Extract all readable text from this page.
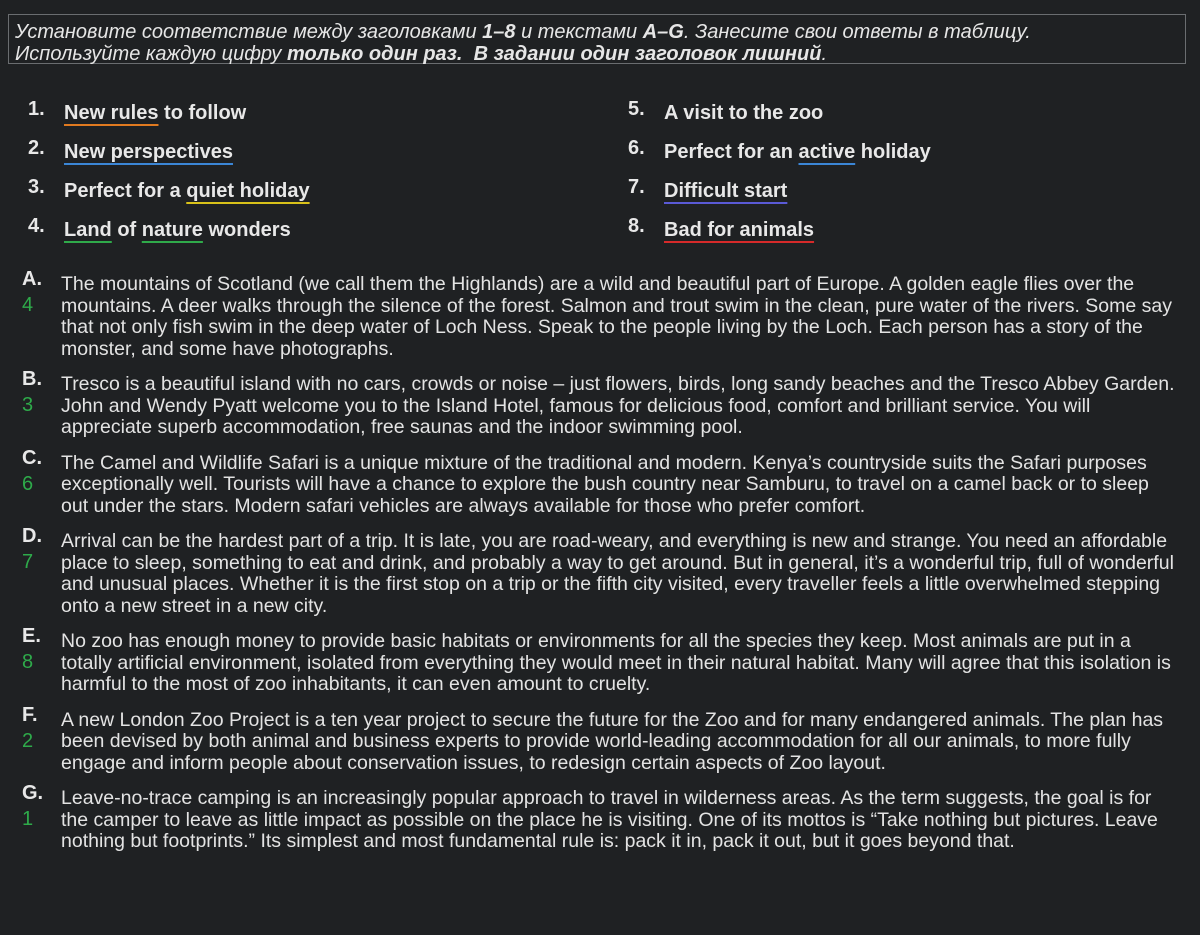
Установите соответствие между заголовками 1–8 и текстами A–G. Занесите свои ответы в таблицу.
Используйте каждую цифру только один раз. В задании один заголовок лишний.
1. New rules to follow
2. New perspectives
3. Perfect for a quiet holiday
4. Land of nature wonders
5. A visit to the zoo
6. Perfect for an active holiday
7. Difficult start
8. Bad for animals
A.
4
The mountains of Scotland (we call them the Highlands) are a wild and beautiful part of Europe. A golden eagle flies over the mountains. A deer walks through the silence of the forest. Salmon and trout swim in the clean, pure water of the rivers. Some say that not only fish swim in the deep water of Loch Ness. Speak to the people living by the Loch. Each person has a story of the monster, and some have photographs.
B.
3
Tresco is a beautiful island with no cars, crowds or noise – just flowers, birds, long sandy beaches and the Tresco Abbey Garden. John and Wendy Pyatt welcome you to the Island Hotel, famous for delicious food, comfort and brilliant service. You will appreciate superb accommodation, free saunas and the indoor swimming pool.
C.
6
The Camel and Wildlife Safari is a unique mixture of the traditional and modern. Kenya’s countryside suits the Safari purposes exceptionally well. Tourists will have a chance to explore the bush country near Samburu, to travel on a camel back or to sleep out under the stars. Modern safari vehicles are always available for those who prefer comfort.
D.
7
Arrival can be the hardest part of a trip. It is late, you are road-weary, and everything is new and strange. You need an affordable place to sleep, something to eat and drink, and probably a way to get around. But in general, it’s a wonderful trip, full of wonderful and unusual places. Whether it is the first stop on a trip or the fifth city visited, every traveller feels a little overwhelmed stepping onto a new street in a new city.
E.
8
No zoo has enough money to provide basic habitats or environments for all the species they keep. Most animals are put in a totally artificial environment, isolated from everything they would meet in their natural habitat. Many will agree that this isolation is harmful to the most of zoo inhabitants, it can even amount to cruelty.
F.
2
A new London Zoo Project is a ten year project to secure the future for the Zoo and for many endangered animals. The plan has been devised by both animal and business experts to provide world-leading accommodation for all our animals, to more fully engage and inform people about conservation issues, to redesign certain aspects of Zoo layout.
G.
1
Leave-no-trace camping is an increasingly popular approach to travel in wilderness areas. As the term suggests, the goal is for the camper to leave as little impact as possible on the place he is visiting. One of its mottos is “Take nothing but pictures. Leave nothing but footprints.” Its simplest and most fundamental rule is: pack it in, pack it out, but it goes beyond that.
